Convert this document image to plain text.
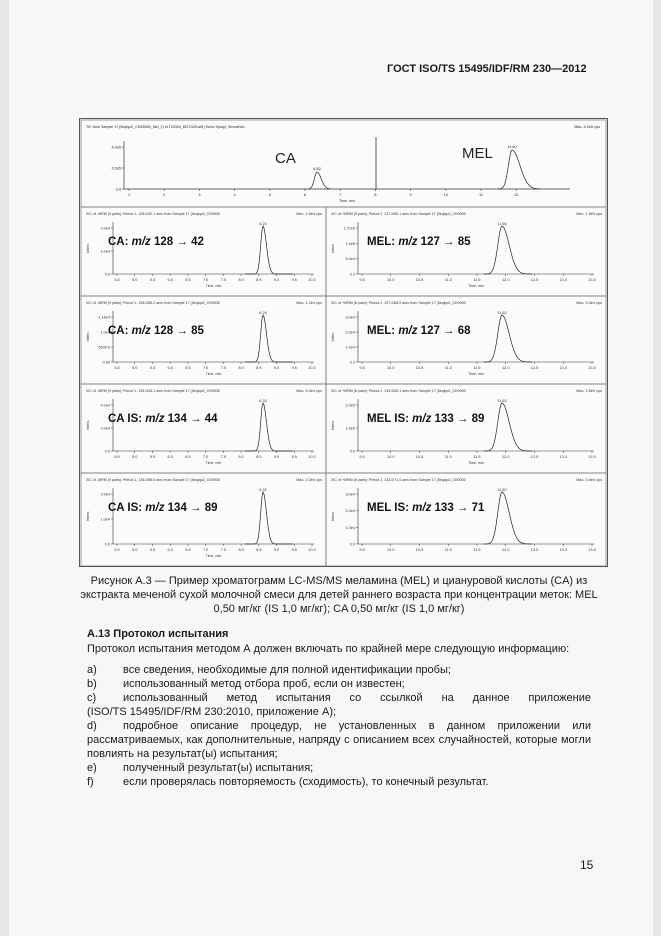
ГОСТ ISO/TS 15495/IDF/RM 230—2012
TIC from Sample 17 (5eqlqo2_CK9006N_5s0_1) of 120304_8571328.wiff (Turbo Spray), Smoothed	Max. 4.1e5 cps
4.0e5
2.0e5
0.0
1	2	3	4	5	6	7	8	9	10	11	12
Time, min
6.82
11.60
CA	MEL
XIC of -MRM (9 pairs): Period 1, 128.0/42.1 amu from Sample 17 (5eqlqo2_CK9006	Max. 2.5e4 cps
Inten.
2.0e4
1.0e4
0.0
5.5	5.0	5.5	6.0	6.5	7.0	7.5	8.0	8.5	9.0	9.5	10.0
Time, min
6.24
CA: m/z 128 → 42
XIC of +MRM (8 pairs): Period 2, 127.0/85.1 amu from Sample 17 (5eqlqo2_CK9006	Max. 1.5e5 cps
Inten.
1.27e5
1.0e5
5.0e4
0.0
9.5	10.0	10.5	11.0	11.5	12.0	12.5	13.0	13.5
Time, min
11.56
MEL: m/z 127 → 85
XIC of -MRM (9 pairs): Period 1, 128.0/85.2 amu from Sample 17 (5eqlqo2_CK9006	Max. 1.2e4 cps
Inten.
1.16e4
1.0e4
5000.0
0.00
5.5	5.0	5.5	6.0	6.5	7.0	7.5	8.0	8.5	9.0	9.5	10.0
Time, min
6.24
CA: m/z 128 → 85
XIC of +MRM (8 pairs): Period 2, 127.0/68.0 amu from Sample 17 (5eqlqo2_CK9006	Max. 3.3e4 cps
Inten.
3.0e4
2.0e4
1.0e4
0.0
9.5	10.0	10.5	11.0	11.5	12.0	12.5	13.0	13.5
Time, min
11.62
MEL: m/z 127 → 68
XIC of -MRM (9 pairs): Period 1, 134.0/44.1 amu from Sample 17 (5eqlqo2_CK9006	Max. 5.0e4 cps
Inten.
4.0e4
2.0e4
0.0
5.5	5.0	5.5	6.0	6.5	7.0	7.5	8.0	8.5	9.0	9.5	10.0
Time, min
6.33
CA IS: m/z 134 → 44
XIC of +MRM (8 pairs): Period 2, 133.0/89.1 amu from Sample 17 (5eqlqo2_CK9006	Max. 2.6e5 cps
Inten.
2.0e5
1.0e5
0.0
9.5	10.0	10.5	11.0	11.5	12.0	12.5	13.0	13.5
Time, min
11.63
MEL IS: m/z 133 → 89
XIC of -MRM (9 pairs): Period 1, 134.0/89.0 amu from Sample 17 (5eqlqo2_CK9006	Max. 2.2e4 cps
Inten.
2.0e4
1.0e4
0.0
5.5	5.0	5.5	6.0	6.5	7.0	7.5	8.0	8.5	9.0	9.5	10.0
Time, min
6.32
CA IS: m/z 134 → 89
XIC of +MRM (8 pairs): Period 2, 133.0/71.0 amu from Sample 17 (5eqlqo2_CK9006	Max. 3.6e4 cps
Inten.
3.0e4
2.0e4
1.0e4
0.0
9.5	10.0	10.5	11.0	11.5	12.0	12.5	13.0	13.5
11.60
MEL IS: m/z 133 → 71
Рисунок А.3 — Пример хроматограмм LC-MS/MS меламина (MEL) и циануровой кислоты (CA) из
экстракта меченой сухой молочной смеси для детей раннего возраста при концентрации меток: MEL
0,50 мг/кг (IS 1,0 мг/кг); CA 0,50 мг/кг (IS 1,0 мг/кг)
А.13 Протокол испытания
Протокол испытания методом А должен включать по крайней мере следующую информацию:
a)	все сведения, необходимые для полной идентификации пробы;
b)	использованный метод отбора проб, если он известен;
c)	использованный метод испытания со ссылкой на данное приложение
(ISO/TS 15495/IDF/RM 230:2010, приложение А);
d)	подробное описание процедур, не установленных в данном приложении или
рассматриваемых, как дополнительные, напряду с описанием всех случайностей, которые могли повлиять на результат(ы) испытания;
e)	полученный результат(ы) испытания;
f)	если проверялась повторяемость (сходимость), то конечный результат.
15
